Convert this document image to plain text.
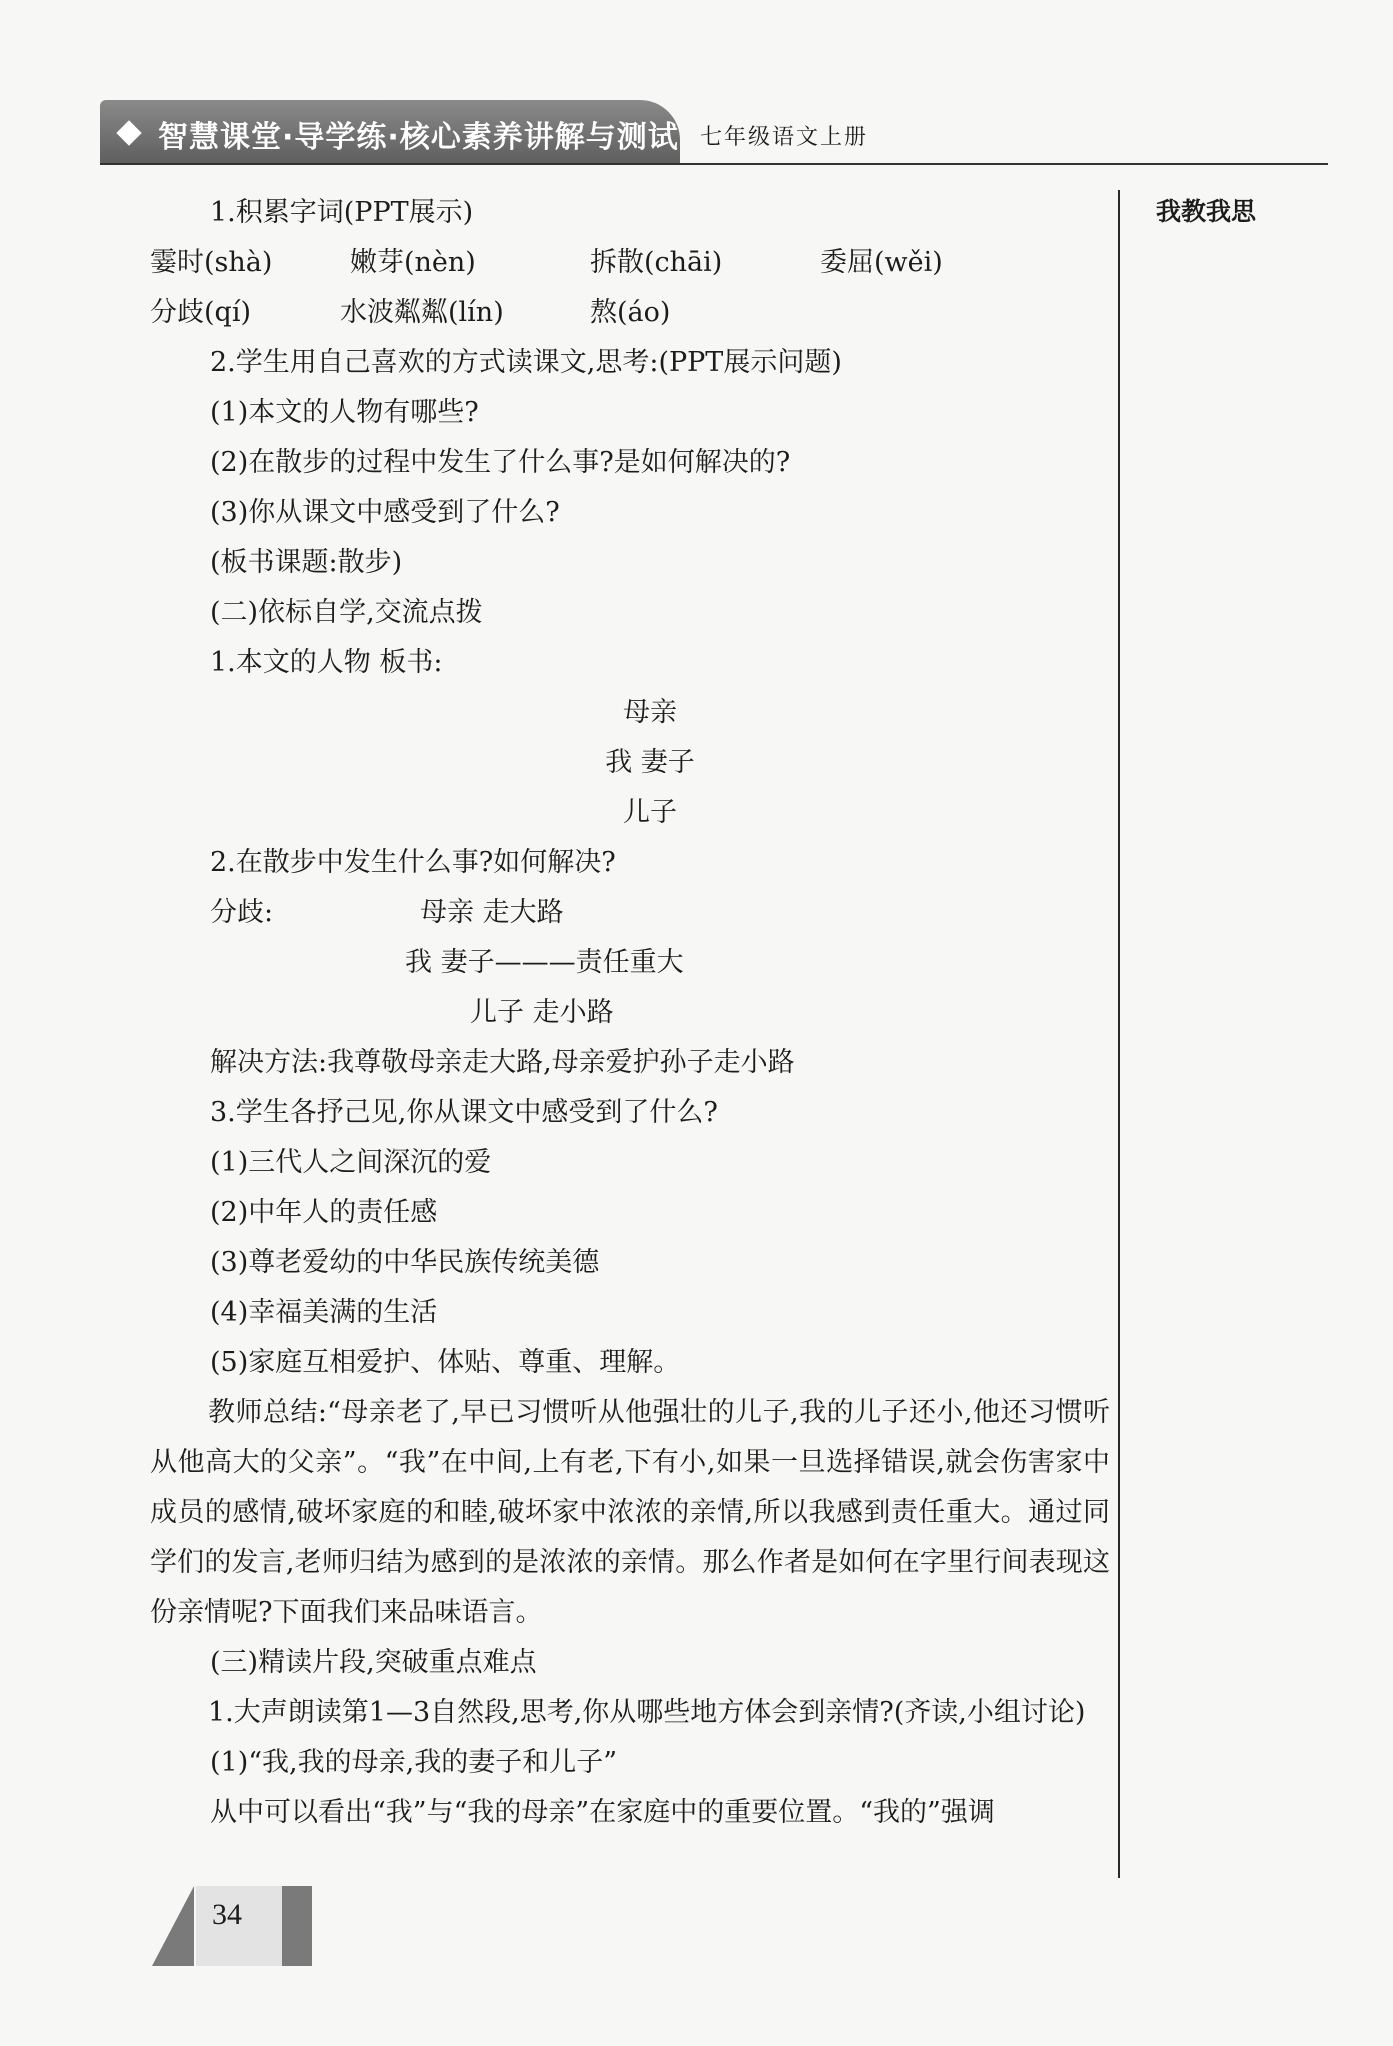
智慧课堂·导学练·核心素养讲解与测试 七年级语文上册
我教我思

1.积累字词(PPT展示)

霎时(shà)	嫩芽(nèn)	拆散(chāi)	委屈(wěi)

分歧(qí)	水波粼粼(lín)	熬(áo)

2.学生用自己喜欢的方式读课文,思考:(PPT展示问题)

(1)本文的人物有哪些?

(2)在散步的过程中发生了什么事?是如何解决的?

(3)你从课文中感受到了什么?

(板书课题:散步)

(二)依标自学,交流点拨

1.本文的人物 板书:

母亲

我 妻子

儿子

2.在散步中发生什么事?如何解决?

分歧:	母亲 走大路

我 妻子———责任重大

儿子 走小路

解决方法:我尊敬母亲走大路,母亲爱护孙子走小路

3.学生各抒己见,你从课文中感受到了什么?

(1)三代人之间深沉的爱

(2)中年人的责任感

(3)尊老爱幼的中华民族传统美德

(4)幸福美满的生活

(5)家庭互相爱护、体贴、尊重、理解。

教师总结:“母亲老了,早已习惯听从他强壮的儿子,我的儿子还小,他还习惯听从他高大的父亲”。“我”在中间,上有老,下有小,如果一旦选择错误,就会伤害家中成员的感情,破坏家庭的和睦,破坏家中浓浓的亲情,所以我感到责任重大。通过同学们的发言,老师归结为感到的是浓浓的亲情。那么作者是如何在字里行间表现这份亲情呢?下面我们来品味语言。

(三)精读片段,突破重点难点

1.大声朗读第1—3自然段,思考,你从哪些地方体会到亲情?(齐读,小组讨论)

(1)“我,我的母亲,我的妻子和儿子”

从中可以看出“我”与“我的母亲”在家庭中的重要位置。“我的”强调

34
